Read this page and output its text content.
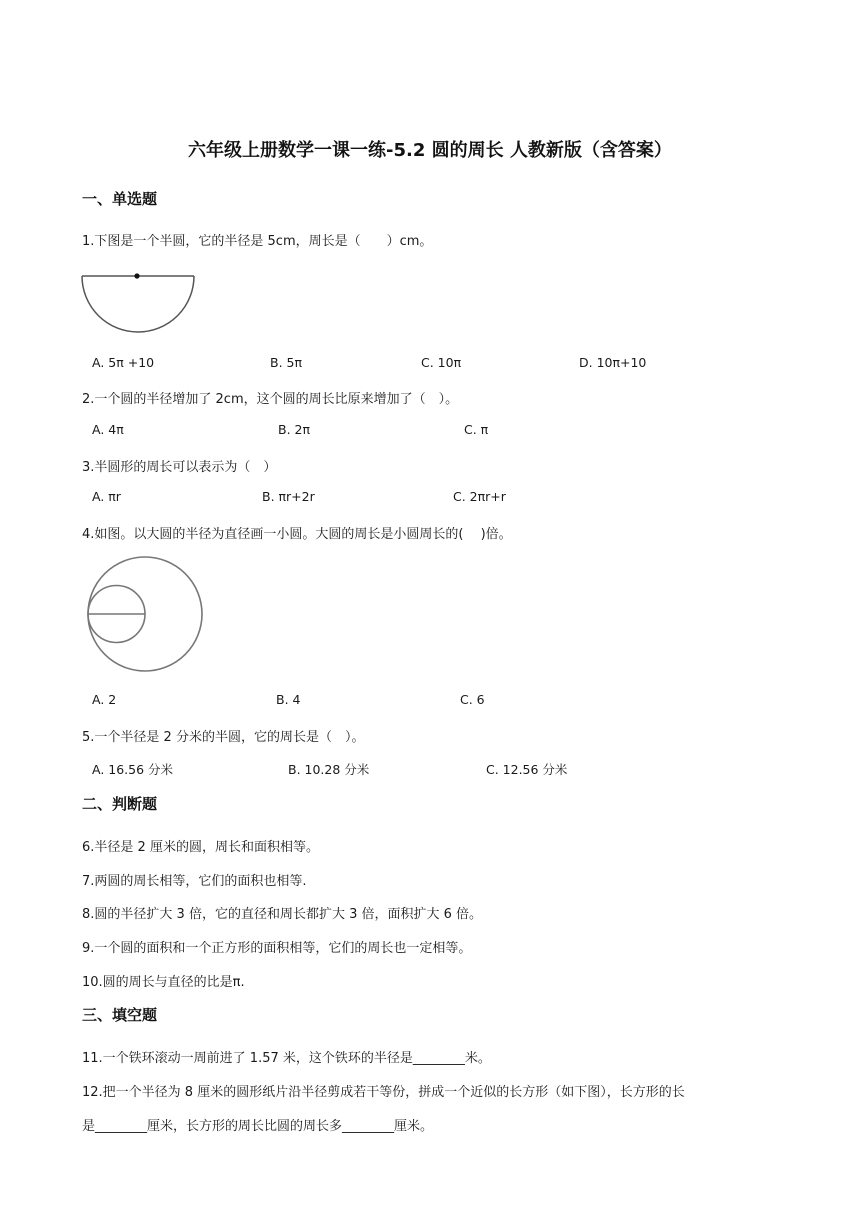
六年级上册数学一课一练-5.2 圆的周长 人教新版（含答案）
一、单选题
1.下图是一个半圆，它的半径是 5cm，周长是（　　）cm。
A. 5π +10	B. 5π	C. 10π	D. 10π+10
2.一个圆的半径增加了 2cm，这个圆的周长比原来增加了（　）。
A. 4π	B. 2π	C. π
3.半圆形的周长可以表示为（　）
A. πr	B. πr+2r	C. 2πr+r
4.如图。以大圆的半径为直径画一小圆。大圆的周长是小圆周长的(　 )倍。
A. 2	B. 4	C. 6
5.一个半径是 2 分米的半圆，它的周长是（　）。
A. 16.56 分米	B. 10.28 分米	C. 12.56 分米
二、判断题
6.半径是 2 厘米的圆，周长和面积相等。
7.两圆的周长相等，它们的面积也相等.
8.圆的半径扩大 3 倍，它的直径和周长都扩大 3 倍，面积扩大 6 倍。
9.一个圆的面积和一个正方形的面积相等，它们的周长也一定相等。
10.圆的周长与直径的比是π.
三、填空题
11.一个铁环滚动一周前进了 1.57 米，这个铁环的半径是________米。
12.把一个半径为 8 厘米的圆形纸片沿半径剪成若干等份，拼成一个近似的长方形（如下图），长方形的长
是________厘米，长方形的周长比圆的周长多________厘米。
